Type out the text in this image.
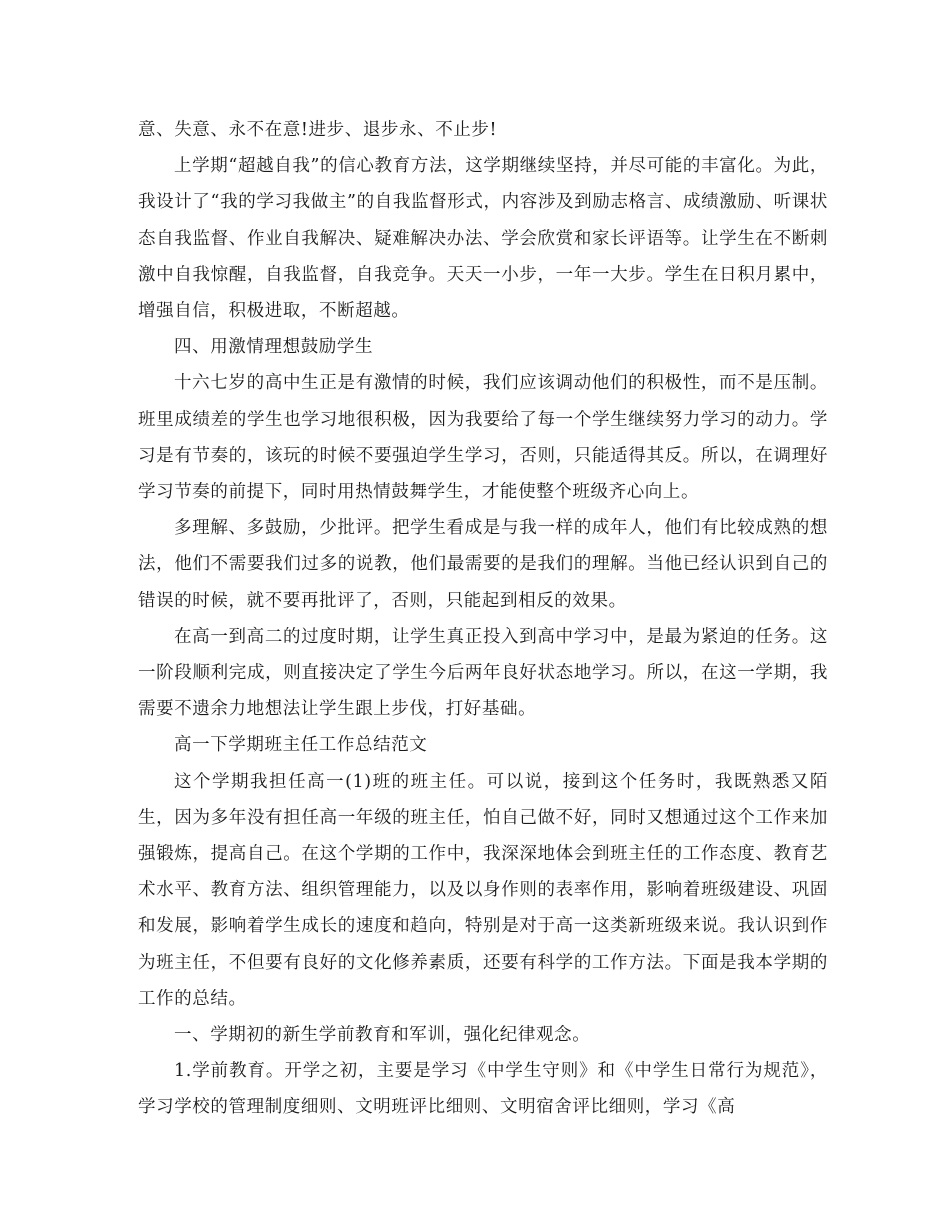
意、失意、永不在意!进步、退步永、不止步!

上学期“超越自我”的信心教育方法，这学期继续坚持，并尽可能的丰富化。为此，我设计了“我的学习我做主”的自我监督形式，内容涉及到励志格言、成绩激励、听课状态自我监督、作业自我解决、疑难解决办法、学会欣赏和家长评语等。让学生在不断刺激中自我惊醒，自我监督，自我竞争。天天一小步，一年一大步。学生在日积月累中，增强自信，积极进取，不断超越。

四、用激情理想鼓励学生

十六七岁的高中生正是有激情的时候，我们应该调动他们的积极性，而不是压制。班里成绩差的学生也学习地很积极，因为我要给了每一个学生继续努力学习的动力。学习是有节奏的，该玩的时候不要强迫学生学习，否则，只能适得其反。所以，在调理好学习节奏的前提下，同时用热情鼓舞学生，才能使整个班级齐心向上。

多理解、多鼓励，少批评。把学生看成是与我一样的成年人，他们有比较成熟的想法，他们不需要我们过多的说教，他们最需要的是我们的理解。当他已经认识到自己的错误的时候，就不要再批评了，否则，只能起到相反的效果。

在高一到高二的过度时期，让学生真正投入到高中学习中，是最为紧迫的任务。这一阶段顺利完成，则直接决定了学生今后两年良好状态地学习。所以，在这一学期，我需要不遗余力地想法让学生跟上步伐，打好基础。

高一下学期班主任工作总结范文

这个学期我担任高一(1)班的班主任。可以说，接到这个任务时，我既熟悉又陌生，因为多年没有担任高一年级的班主任，怕自己做不好，同时又想通过这个工作来加强锻炼，提高自己。在这个学期的工作中，我深深地体会到班主任的工作态度、教育艺术水平、教育方法、组织管理能力，以及以身作则的表率作用，影响着班级建设、巩固和发展，影响着学生成长的速度和趋向，特别是对于高一这类新班级来说。我认识到作为班主任，不但要有良好的文化修养素质，还要有科学的工作方法。下面是我本学期的工作的总结。

一、学期初的新生学前教育和军训，强化纪律观念。

1.学前教育。开学之初，主要是学习《中学生守则》和《中学生日常行为规范》，学习学校的管理制度细则、文明班评比细则、文明宿舍评比细则，学习《高
